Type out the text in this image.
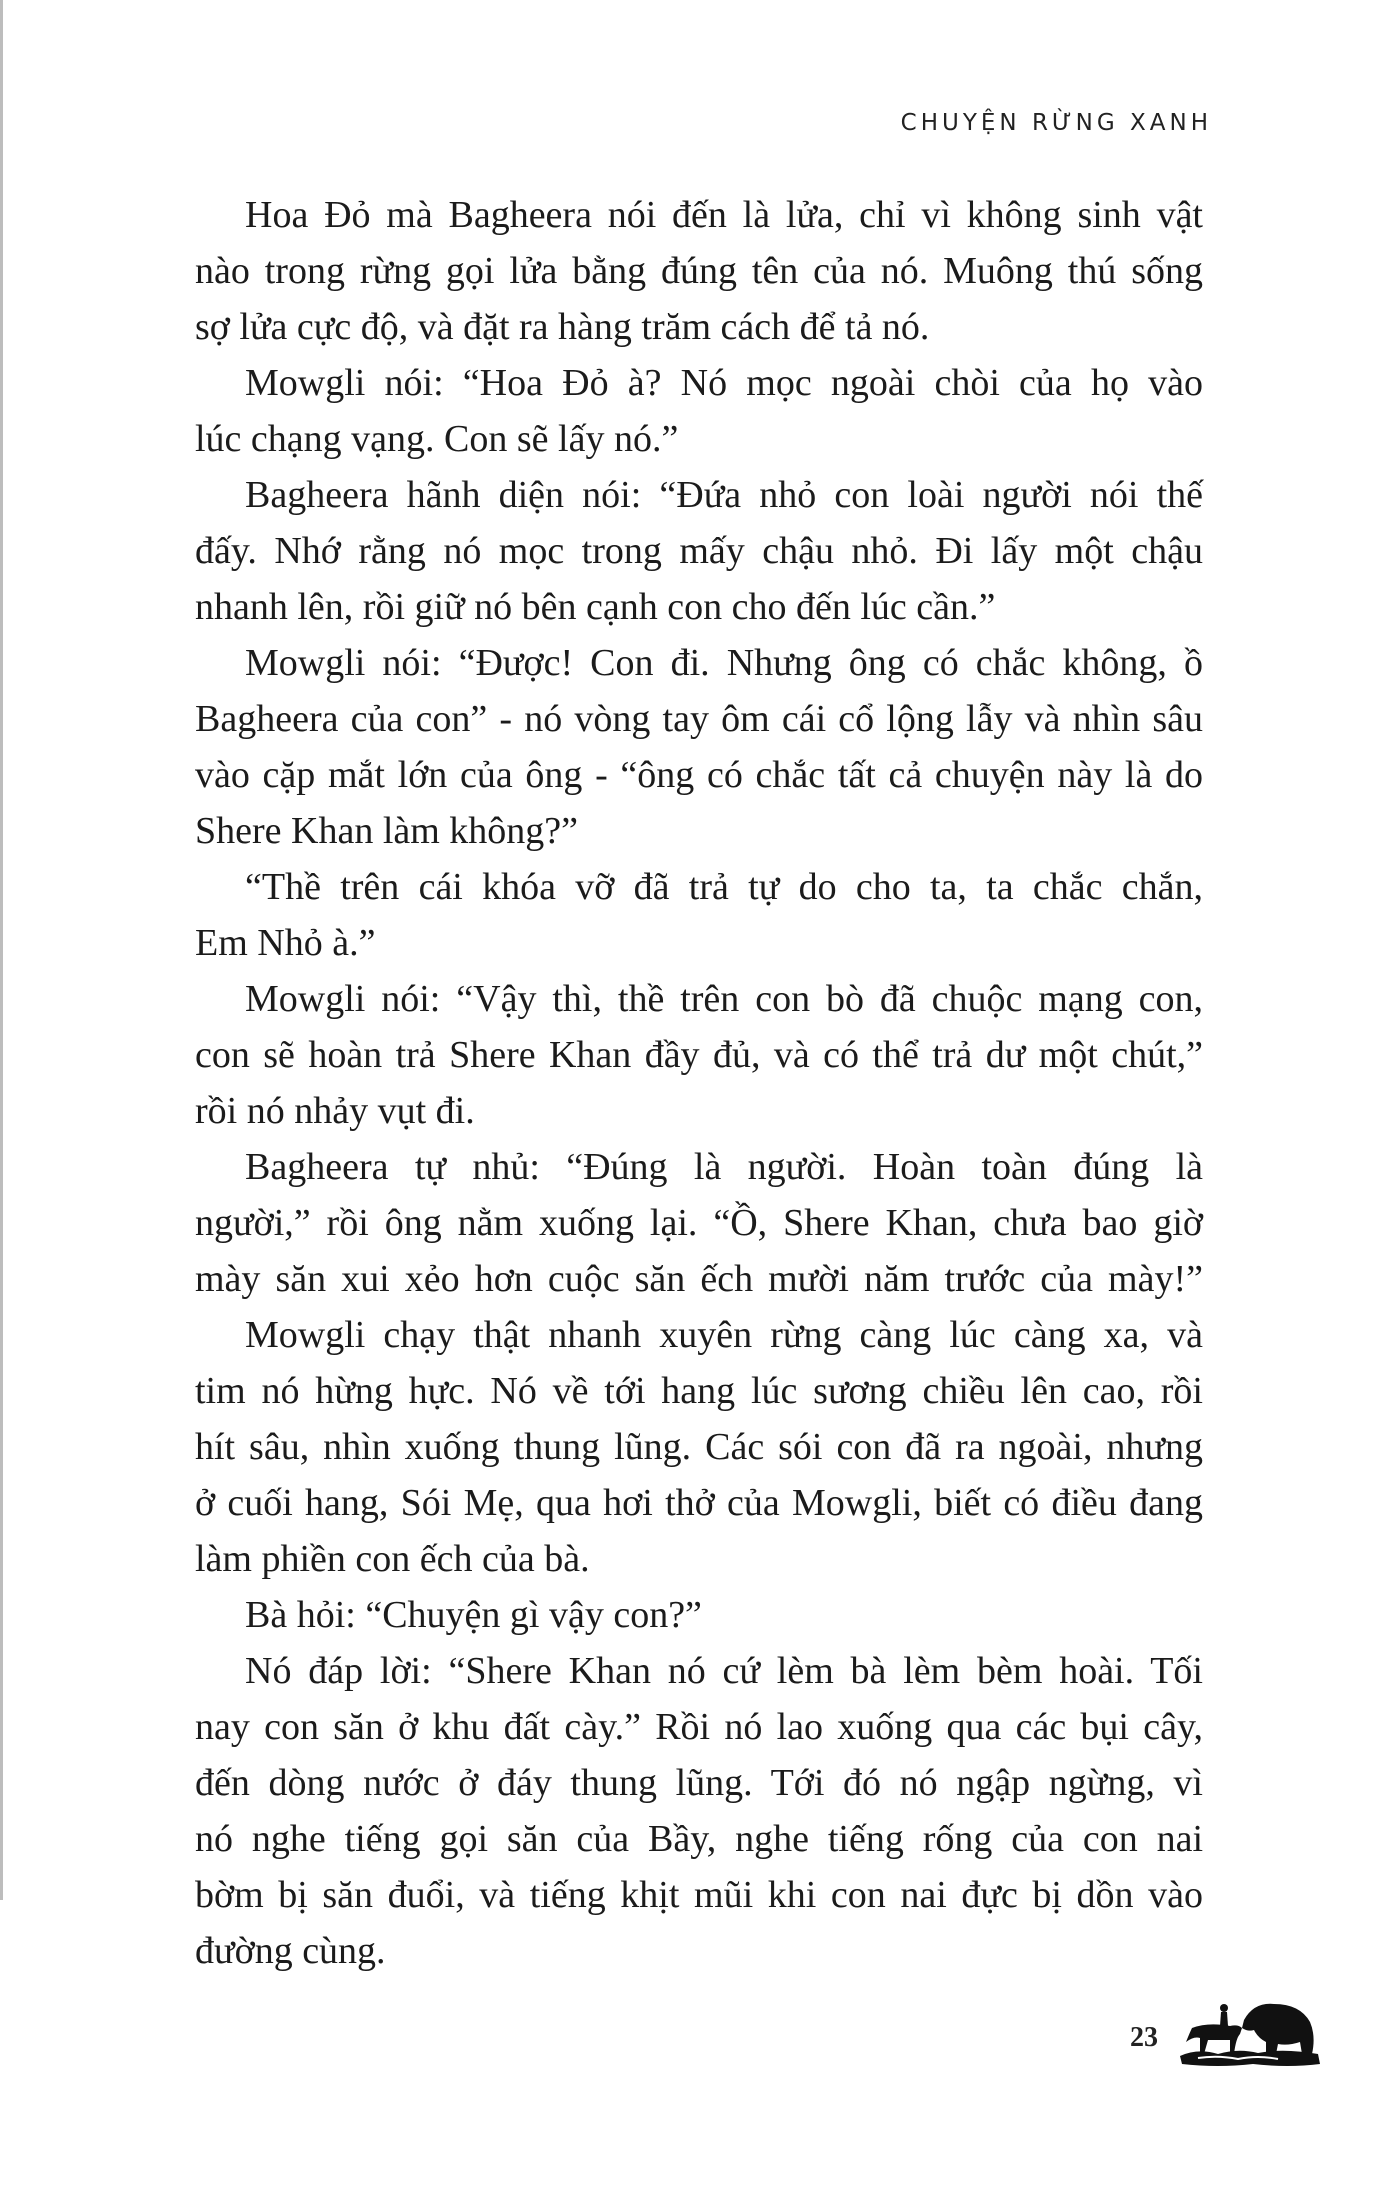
CHUYỆN RỪNG XANH
Hoa Đỏ mà Bagheera nói đến là lửa, chỉ vì không sinh vật
nào trong rừng gọi lửa bằng đúng tên của nó. Muông thú sống
sợ lửa cực độ, và đặt ra hàng trăm cách để tả nó.
Mowgli nói: “Hoa Đỏ à? Nó mọc ngoài chòi của họ vào
lúc chạng vạng. Con sẽ lấy nó.”
Bagheera hãnh diện nói: “Đứa nhỏ con loài người nói thế
đấy. Nhớ rằng nó mọc trong mấy chậu nhỏ. Đi lấy một chậu
nhanh lên, rồi giữ nó bên cạnh con cho đến lúc cần.”
Mowgli nói: “Được! Con đi. Nhưng ông có chắc không, ồ
Bagheera của con” - nó vòng tay ôm cái cổ lộng lẫy và nhìn sâu
vào cặp mắt lớn của ông - “ông có chắc tất cả chuyện này là do
Shere Khan làm không?”
“Thề trên cái khóa vỡ đã trả tự do cho ta, ta chắc chắn,
Em Nhỏ à.”
Mowgli nói: “Vậy thì, thề trên con bò đã chuộc mạng con,
con sẽ hoàn trả Shere Khan đầy đủ, và có thể trả dư một chút,”
rồi nó nhảy vụt đi.
Bagheera tự nhủ: “Đúng là người. Hoàn toàn đúng là
người,” rồi ông nằm xuống lại. “Ồ, Shere Khan, chưa bao giờ
mày săn xui xẻo hơn cuộc săn ếch mười năm trước của mày!”
Mowgli chạy thật nhanh xuyên rừng càng lúc càng xa, và
tim nó hừng hực. Nó về tới hang lúc sương chiều lên cao, rồi
hít sâu, nhìn xuống thung lũng. Các sói con đã ra ngoài, nhưng
ở cuối hang, Sói Mẹ, qua hơi thở của Mowgli, biết có điều đang
làm phiền con ếch của bà.
Bà hỏi: “Chuyện gì vậy con?”
Nó đáp lời: “Shere Khan nó cứ lèm bà lèm bèm hoài. Tối
nay con săn ở khu đất cày.” Rồi nó lao xuống qua các bụi cây,
đến dòng nước ở đáy thung lũng. Tới đó nó ngập ngừng, vì
nó nghe tiếng gọi săn của Bầy, nghe tiếng rống của con nai
bờm bị săn đuổi, và tiếng khịt mũi khi con nai đực bị dồn vào
đường cùng.
23
